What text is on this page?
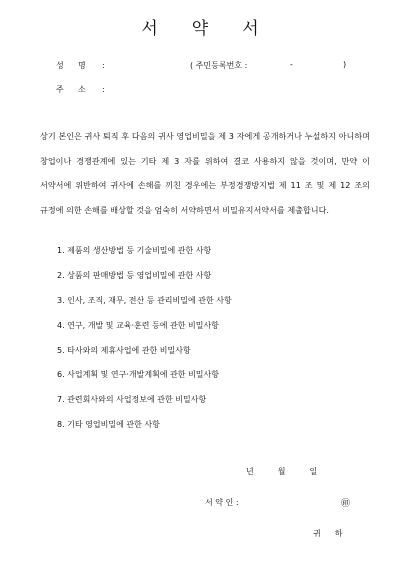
서 약 서
성 명 :	( 주민등록번호 :	-	)
주 소 :
상기 본인은 귀사 퇴직 후 다음의 귀사 영업비밀을 제 3 자에게 공개하거나 누설하지 아니하며 창업이나 경쟁관계에 있는 기타 제 3 자를 위하여 결코 사용하지 않을 것이며, 만약 이 서약서에 위반하여 귀사에 손해를 끼친 경우에는 부정경쟁방지법 제 11 조 및 제 12 조의 규정에 의한 손해를 배상할 것을 엄숙히 서약하면서 비밀유지서약서를 제출합니다.
1. 제품의 생산방법 등 기술비밀에 관한 사항
2. 상품의 판매방법 등 영업비밀에 관한 사항
3. 인사, 조직, 재무, 전산 등 관리비밀에 관한 사항
4. 연구, 개발 및 교육·훈련 등에 관한 비밀사항
5. 타사와의 제휴사업에 관한 비밀사항
6. 사업계획 및 연구·개발계획에 관한 비밀사항
7. 관련회사와의 사업정보에 관한 비밀사항
8. 기타 영업비밀에 관한 사항
년	월	일
서 약 인 :	㊞
귀 하
